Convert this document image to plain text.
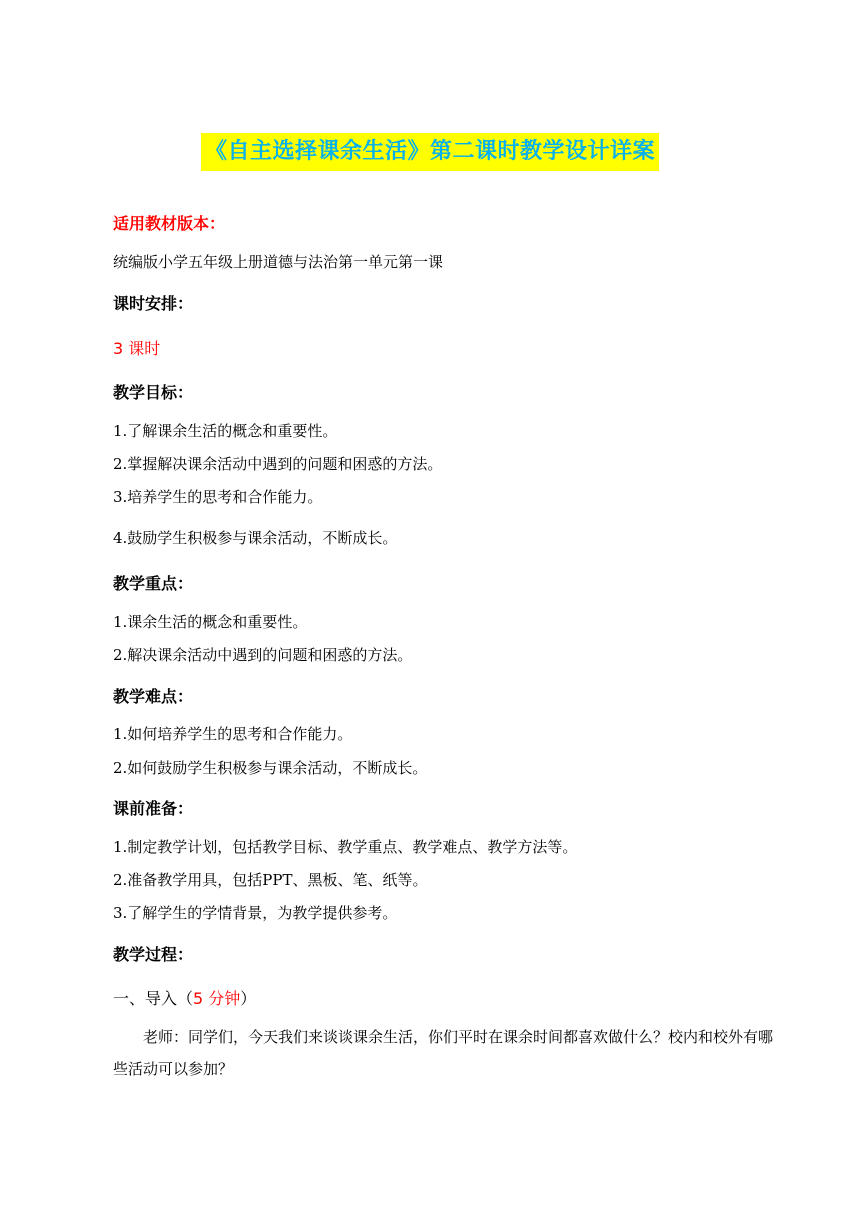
《自主选择课余生活》第二课时教学设计详案
适用教材版本：
统编版小学五年级上册道德与法治第一单元第一课
课时安排：
3 课时
教学目标：
1.了解课余生活的概念和重要性。
2.掌握解决课余活动中遇到的问题和困惑的方法。
3.培养学生的思考和合作能力。
4.鼓励学生积极参与课余活动，不断成长。
教学重点：
1.课余生活的概念和重要性。
2.解决课余活动中遇到的问题和困惑的方法。
教学难点：
1.如何培养学生的思考和合作能力。
2.如何鼓励学生积极参与课余活动，不断成长。
课前准备：
1.制定教学计划，包括教学目标、教学重点、教学难点、教学方法等。
2.准备教学用具，包括PPT、黑板、笔、纸等。
3.了解学生的学情背景，为教学提供参考。
教学过程：
一、导入（5 分钟）
老师：同学们，今天我们来谈谈课余生活，你们平时在课余时间都喜欢做什么？校内和校外有哪些活动可以参加？
